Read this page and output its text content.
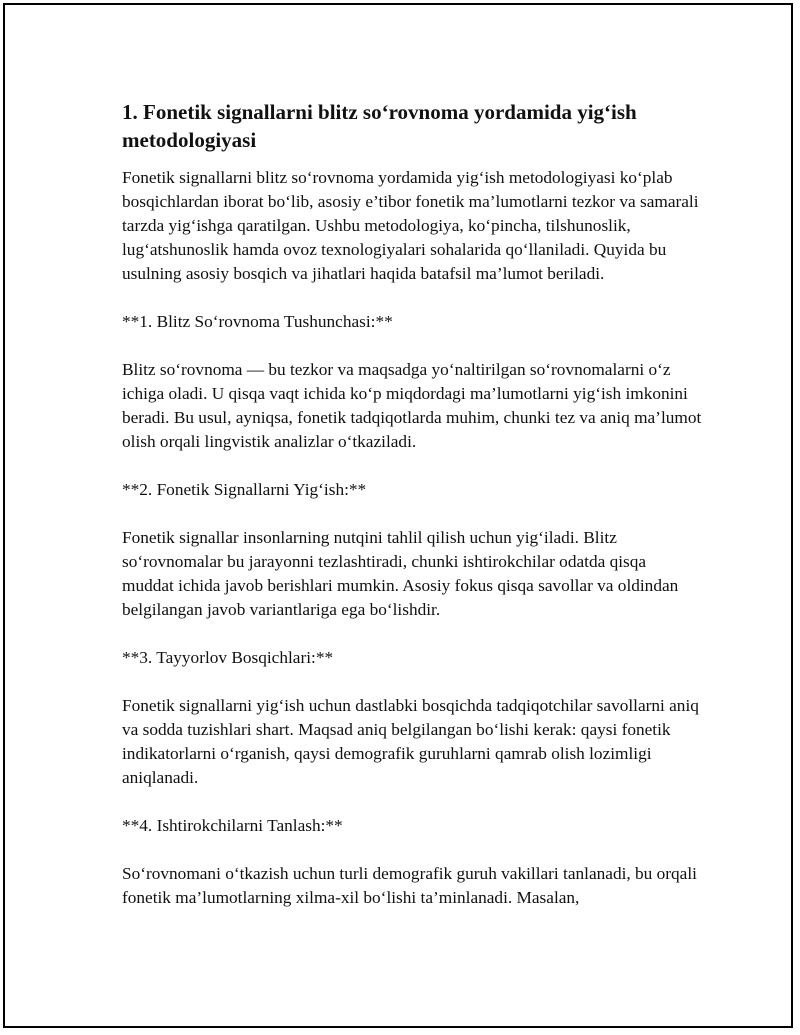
1. Fonetik signallarni blitz so‘rovnoma yordamida yig‘ish metodologiyasi

Fonetik signallarni blitz so‘rovnoma yordamida yig‘ish metodologiyasi ko‘plab bosqichlardan iborat bo‘lib, asosiy e’tibor fonetik ma’lumotlarni tezkor va samarali tarzda yig‘ishga qaratilgan. Ushbu metodologiya, ko‘pincha, tilshunoslik, lug‘atshunoslik hamda ovoz texnologiyalari sohalarida qo‘llaniladi. Quyida bu usulning asosiy bosqich va jihatlari haqida batafsil ma’lumot beriladi.

**1. Blitz So‘rovnoma Tushunchasi:**

Blitz so‘rovnoma — bu tezkor va maqsadga yo‘naltirilgan so‘rovnomalarni o‘z ichiga oladi. U qisqa vaqt ichida ko‘p miqdordagi ma’lumotlarni yig‘ish imkonini beradi. Bu usul, ayniqsa, fonetik tadqiqotlarda muhim, chunki tez va aniq ma’lumot olish orqali lingvistik analizlar o‘tkaziladi.

**2. Fonetik Signallarni Yig‘ish:**

Fonetik signallar insonlarning nutqini tahlil qilish uchun yig‘iladi. Blitz so‘rovnomalar bu jarayonni tezlashtiradi, chunki ishtirokchilar odatda qisqa muddat ichida javob berishlari mumkin. Asosiy fokus qisqa savollar va oldindan belgilangan javob variantlariga ega bo‘lishdir.

**3. Tayyorlov Bosqichlari:**

Fonetik signallarni yig‘ish uchun dastlabki bosqichda tadqiqotchilar savollarni aniq va sodda tuzishlari shart. Maqsad aniq belgilangan bo‘lishi kerak: qaysi fonetik indikatorlarni o‘rganish, qaysi demografik guruhlarni qamrab olish lozimligi aniqlanadi.

**4. Ishtirokchilarni Tanlash:**

So‘rovnomani o‘tkazish uchun turli demografik guruh vakillari tanlanadi, bu orqali fonetik ma’lumotlarning xilma-xil bo‘lishi ta’minlanadi. Masalan,
